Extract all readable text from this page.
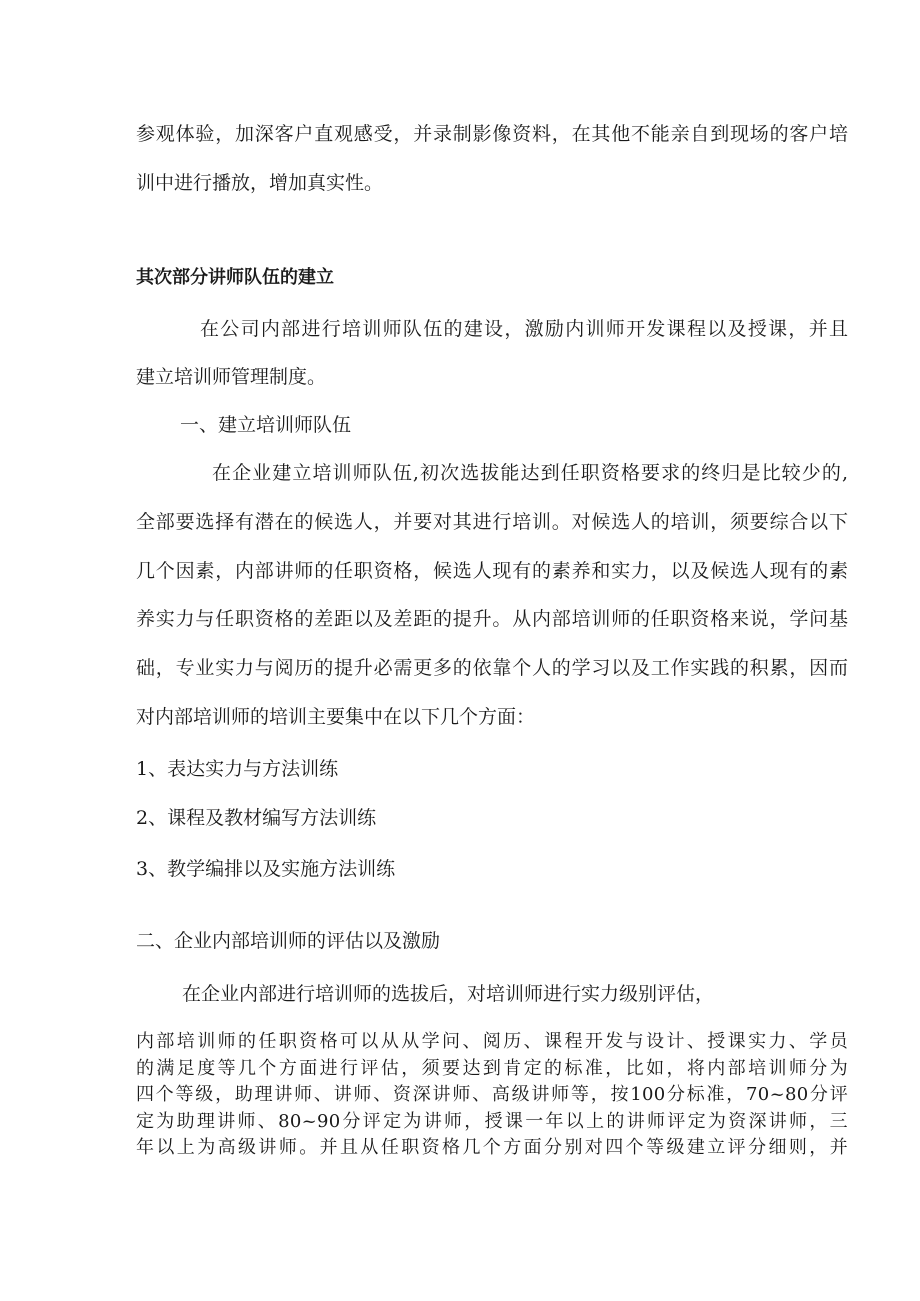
参观体验，加深客户直观感受，并录制影像资料，在其他不能亲自到现场的客户培
训中进行播放，增加真实性。
其次部分讲师队伍的建立
在公司内部进行培训师队伍的建设，激励内训师开发课程以及授课，并且
建立培训师管理制度。
一、建立培训师队伍
在企业建立培训师队伍,初次选拔能达到任职资格要求的终归是比较少的,
全部要选择有潜在的候选人，并要对其进行培训。对候选人的培训，须要综合以下
几个因素，内部讲师的任职资格，候选人现有的素养和实力，以及候选人现有的素
养实力与任职资格的差距以及差距的提升。从内部培训师的任职资格来说，学问基
础，专业实力与阅历的提升必需更多的依靠个人的学习以及工作实践的积累，因而
对内部培训师的培训主要集中在以下几个方面：
1、表达实力与方法训练
2、课程及教材编写方法训练
3、教学编排以及实施方法训练
二、企业内部培训师的评估以及激励
在企业内部进行培训师的选拔后，对培训师进行实力级别评估，
内部培训师的任职资格可以从从学问、阅历、课程开发与设计、授课实力、学员
的满足度等几个方面进行评估，须要达到肯定的标准，比如，将内部培训师分为
四个等级，助理讲师、讲师、资深讲师、高级讲师等，按100分标准，70~80分评
定为助理讲师、80~90分评定为讲师，授课一年以上的讲师评定为资深讲师，三
年以上为高级讲师。并且从任职资格几个方面分别对四个等级建立评分细则，并
